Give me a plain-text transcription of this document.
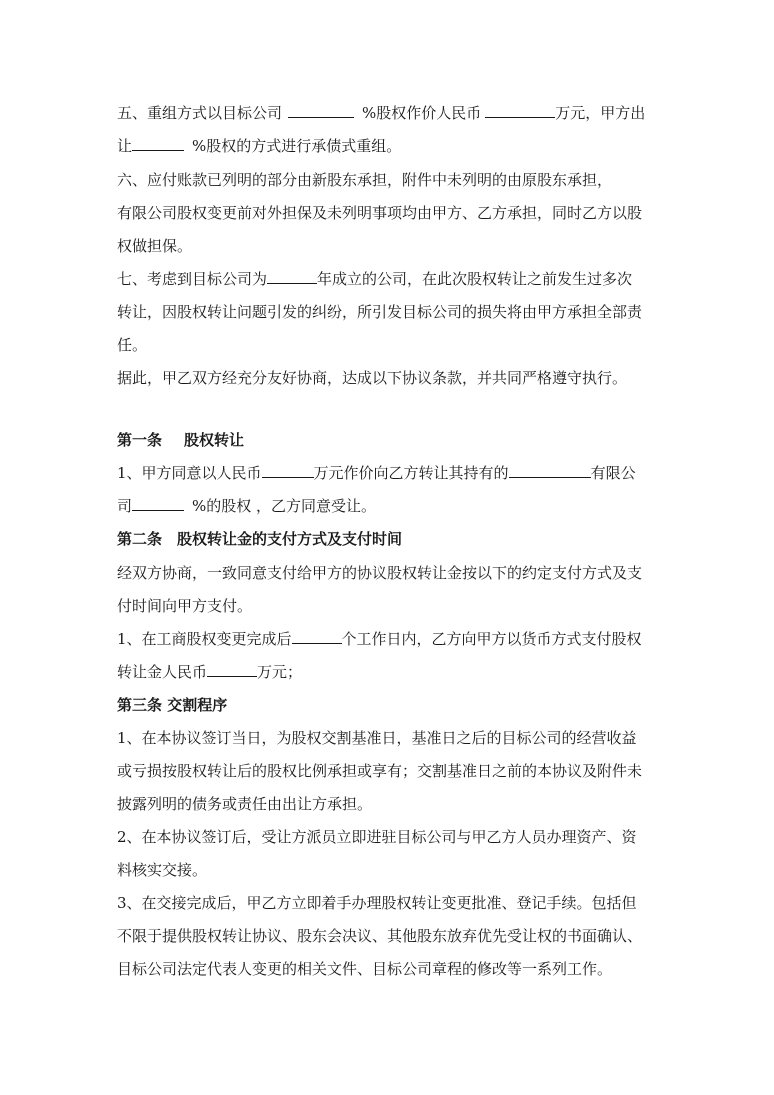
五、重组方式以目标公司	%股权作价人民币	万元，甲方出
让	%股权的方式进行承债式重组。
六、应付账款已列明的部分由新股东承担，附件中未列明的由原股东承担，
有限公司股权变更前对外担保及未列明事项均由甲方、乙方承担，同时乙方以股
权做担保。
七、考虑到目标公司为	年成立的公司，在此次股权转让之前发生过多次
转让，因股权转让问题引发的纠纷，所引发目标公司的损失将由甲方承担全部责
任。
据此，甲乙双方经充分友好协商，达成以下协议条款，并共同严格遵守执行。
第一条 股权转让
1、甲方同意以人民币	万元作价向乙方转让其持有的	有限公
司	%的股权 ，乙方同意受让。
第二条　股权转让金的支付方式及支付时间
经双方协商，一致同意支付给甲方的协议股权转让金按以下的约定支付方式及支
付时间向甲方支付。
1、在工商股权变更完成后	个工作日内，乙方向甲方以货币方式支付股权
转让金人民币	万元；
第三条 交割程序
1、在本协议签订当日，为股权交割基准日，基准日之后的目标公司的经营收益
或亏损按股权转让后的股权比例承担或享有；交割基准日之前的本协议及附件未
披露列明的债务或责任由出让方承担。
2、在本协议签订后，受让方派员立即进驻目标公司与甲乙方人员办理资产、资
料核实交接。
3、在交接完成后，甲乙方立即着手办理股权转让变更批准、登记手续。包括但
不限于提供股权转让协议、股东会决议、其他股东放弃优先受让权的书面确认、
目标公司法定代表人变更的相关文件、目标公司章程的修改等一系列工作。
